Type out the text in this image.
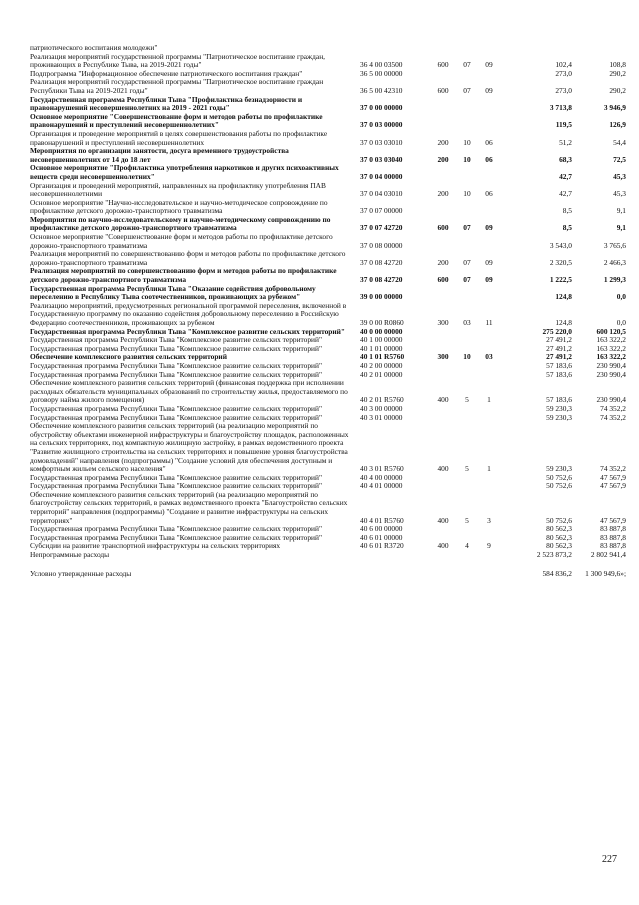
патриотического воспитания молодежи"
Реализация мероприятий государственной программы "Патриотическое воспитание граждан, проживающих в Республике Тыва, на 2019-2021 годы"	36 4 00 03500	600	07	09	102,4	108,8
Подпрограмма "Информационное обеспечение патриотического воспитания граждан"	36 5 00 00000	273,0	290,2
Реализация мероприятий государственной программы "Патриотическое воспитание граждан Республики Тыва на 2019-2021 годы"	36 5 00 42310	600	07	09	273,0	290,2
Государственная программа Республики Тыва "Профилактика безнадзорности и правонарушений несовершеннолетних на 2019 - 2021 годы"	37 0 00 00000	3 713,8	3 946,9
Основное мероприятие "Совершенствование форм и методов работы по профилактике правонарушений и преступлений несовершеннолетних"	37 0 03 00000	119,5	126,9
Организация и проведение мероприятий в целях совершенствования работы по профилактике правонарушений и преступлений несовершеннолетних	37 0 03 03010	200	10	06	51,2	54,4
Мероприятия по организации занятости, досуга временного трудоустройства несовершеннолетних от 14 до 18 лет	37 0 03 03040	200	10	06	68,3	72,5
Основное мероприятие "Профилактика употребления наркотиков и других психоактивных веществ среди несовершеннолетних"	37 0 04 00000	42,7	45,3
Организация и проведений мероприятий, направленных на профилактику употребления ПАВ несовершеннолетними	37 0 04 03010	200	10	06	42,7	45,3
Основное мероприятие "Научно-исследовательское и научно-методическое сопровождение по профилактике детского дорожно-транспортного травматизма	37 0 07 00000	8,5	9,1
Мероприятия по научно-исследовательскому и научно-методическому сопровождению по профилактике детского дорожно-транспортного травматизма	37 0 07 42720	600	07	09	8,5	9,1
Основное мероприятие "Совершенствование форм и методов работы по профилактике детского дорожно-транспортного травматизма	37 0 08 00000	3 543,0	3 765,6
Реализация мероприятий по совершенствованию форм и методов работы по профилактике детского дорожно-транспортного травматизма	37 0 08 42720	200	07	09	2 320,5	2 466,3
Реализация мероприятий по совершенствованию форм и методов работы по профилактике детского дорожно-транспортного травматизма	37 0 08 42720	600	07	09	1 222,5	1 299,3
Государственная программа Республики Тыва "Оказание содействия добровольному переселению в Республику Тыва соотечественников, проживающих за рубежом"	39 0 00 00000	124,8	0,0
Реализацию мероприятий, предусмотренных региональной программой переселения, включенной в Государственную программу по оказанию содействия добровольному переселению в Российскую Федерацию соотечественников, проживающих за рубежом	39 0 00 R0860	300	03	11	124,8	0,0
Государственная программа Республики Тыва "Комплексное развитие сельских территорий"	40 0 00 00000	275 220,0	600 120,5
Государственная программа Республики Тыва "Комплексное развитие сельских территорий"	40 1 00 00000	27 491,2	163 322,2
Государственная программа Республики Тыва "Комплексное развитие сельских территорий"	40 1 01 00000	27 491,2	163 322,2
Обеспечение комплексного развития сельских территорий	40 1 01 R5760	300	10	03	27 491,2	163 322,2
Государственная программа Республики Тыва "Комплексное развитие сельских территорий"	40 2 00 00000	57 183,6	230 990,4
Государственная программа Республики Тыва "Комплексное развитие сельских территорий"	40 2 01 00000	57 183,6	230 990,4
Обеспечение комплексного развития сельских территорий (финансовая поддержка при исполнении расходных обязательств муниципальных образований по строительству жилья, предоставляемого по договору найма жилого помещения)	40 2 01 R5760	400	5	1	57 183,6	230 990,4
Государственная программа Республики Тыва "Комплексное развитие сельских территорий"	40 3 00 00000	59 230,3	74 352,2
Государственная программа Республики Тыва "Комплексное развитие сельских территорий"	40 3 01 00000	59 230,3	74 352,2
Обеспечение комплексного развития сельских территорий (на реализацию мероприятий по обустройству объектами инженерной инфраструктуры и благоустройству площадок, расположенных на сельских территориях, под компактную жилищную застройку, в рамках ведомственного проекта "Развитие жилищного строительства на сельских территориях и повышение уровня благоустройства домовладений" направления (подпрограммы) "Создание условий для обеспечения доступным и комфортным жильем сельского населения"	40 3 01 R5760	400	5	1	59 230,3	74 352,2
Государственная программа Республики Тыва "Комплексное развитие сельских территорий"	40 4 00 00000	50 752,6	47 567,9
Государственная программа Республики Тыва "Комплексное развитие сельских территорий"	40 4 01 00000	50 752,6	47 567,9
Обеспечение комплексного развития сельских территорий (на реализацию мероприятий по благоустройству сельских территорий, в рамках ведомственного проекта "Благоустройство сельских территорий" направления (подпрограммы) "Создание и развитие инфраструктуры на сельских территориях"	40 4 01 R5760	400	5	3	50 752,6	47 567,9
Государственная программа Республики Тыва "Комплексное развитие сельских территорий"	40 6 00 00000	80 562,3	83 887,8
Государственная программа Республики Тыва "Комплексное развитие сельских территорий"	40 6 01 00000	80 562,3	83 887,8
Субсидии на развитие транспортной инфраструктуры на сельских территориях	40 6 01 R3720	400	4	9	80 562,3	83 887,8
Непрограммные расходы	2 523 873,2	2 802 941,4
Условно утвержденные расходы	584 836,2	1 300 949,6»;
227
